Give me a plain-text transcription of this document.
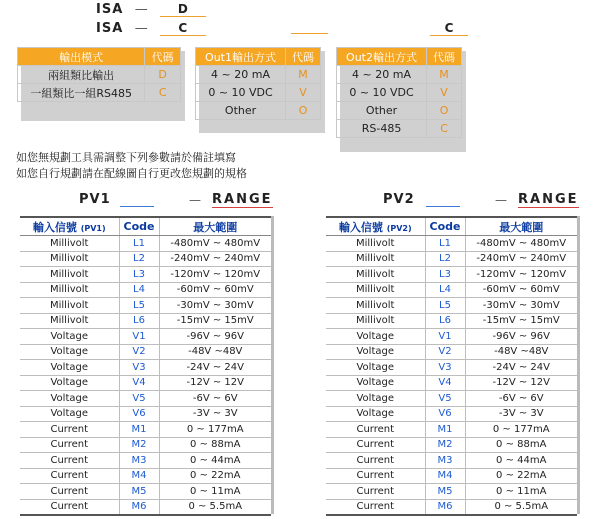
ISA — D
ISA — C	C
輸出模式	代碼
兩組類比輸出	D
一組類比一組RS485	C
Out1輸出方式	代碼
4 ~ 20 mA	M
0 ~ 10 VDC	V
Other	O
Out2輸出方式	代碼
4 ~ 20 mA	M
0 ~ 10 VDC	V
Other	O
RS-485	C
如您無規劃工具需調整下列參數請於備註填寫
如您自行規劃請在配線圖自行更改您規劃的規格
PV1	— RANGE	PV2	— RANGE
輸入信號 (PV1)	Code	最大範圍
Millivolt	L1	-480mV ~ 480mV
Millivolt	L2	-240mV ~ 240mV
Millivolt	L3	-120mV ~ 120mV
Millivolt	L4	-60mV ~ 60mV
Millivolt	L5	-30mV ~ 30mV
Millivolt	L6	-15mV ~ 15mV
Voltage	V1	-96V ~ 96V
Voltage	V2	-48V ~48V
Voltage	V3	-24V ~ 24V
Voltage	V4	-12V ~ 12V
Voltage	V5	-6V ~ 6V
Voltage	V6	-3V ~ 3V
Current	M1	0 ~ 177mA
Current	M2	0 ~ 88mA
Current	M3	0 ~ 44mA
Current	M4	0 ~ 22mA
Current	M5	0 ~ 11mA
Current	M6	0 ~ 5.5mA
輸入信號 (PV2)	Code	最大範圍
Millivolt	L1	-480mV ~ 480mV
Millivolt	L2	-240mV ~ 240mV
Millivolt	L3	-120mV ~ 120mV
Millivolt	L4	-60mV ~ 60mV
Millivolt	L5	-30mV ~ 30mV
Millivolt	L6	-15mV ~ 15mV
Voltage	V1	-96V ~ 96V
Voltage	V2	-48V ~48V
Voltage	V3	-24V ~ 24V
Voltage	V4	-12V ~ 12V
Voltage	V5	-6V ~ 6V
Voltage	V6	-3V ~ 3V
Current	M1	0 ~ 177mA
Current	M2	0 ~ 88mA
Current	M3	0 ~ 44mA
Current	M4	0 ~ 22mA
Current	M5	0 ~ 11mA
Current	M6	0 ~ 5.5mA
